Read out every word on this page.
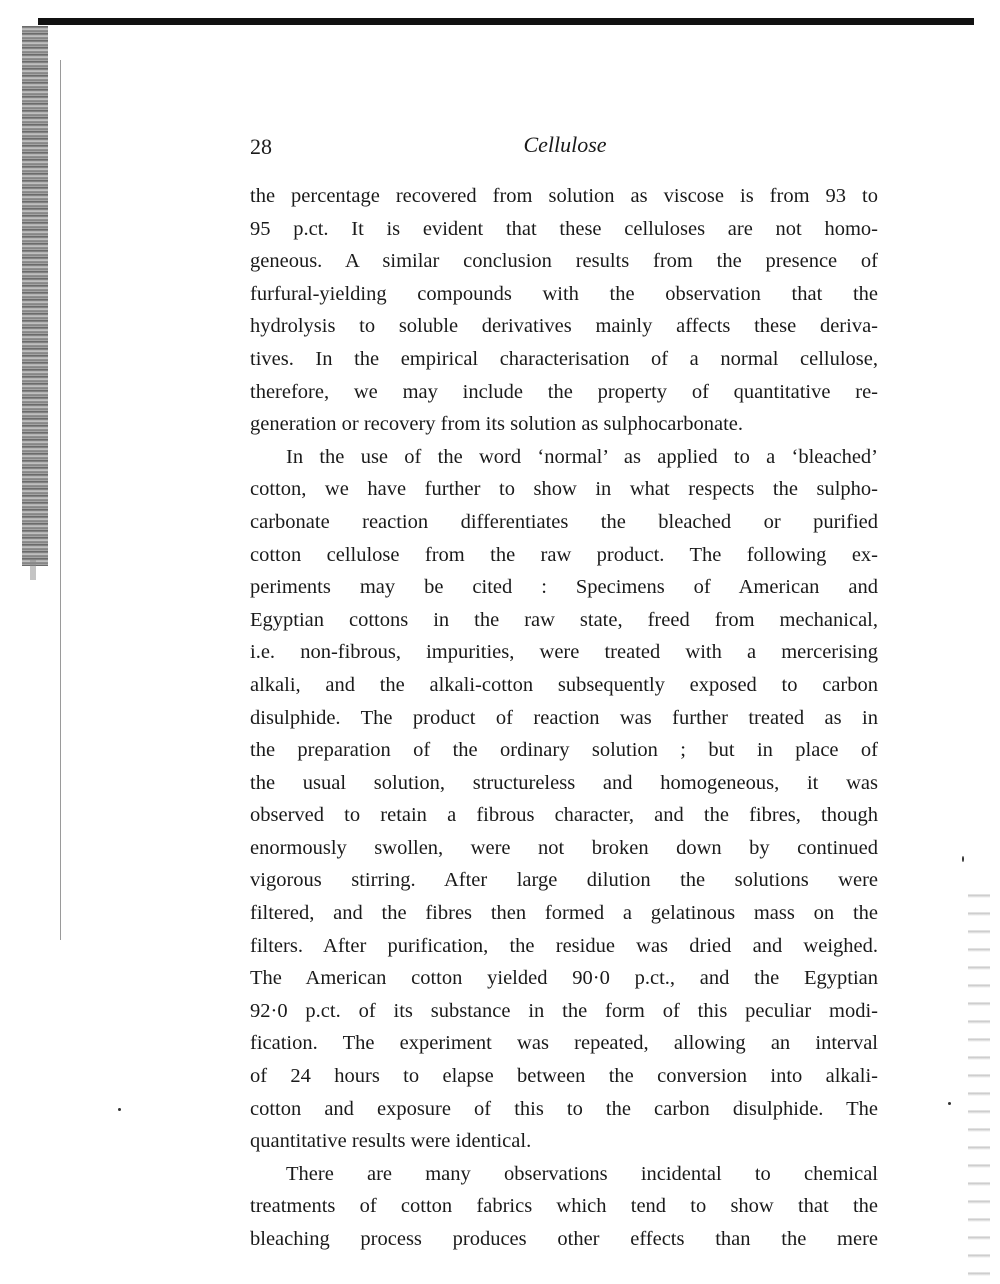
28	Cellulose
the percentage recovered from solution as viscose is from 93 to
95 p.ct. It is evident that these celluloses are not homo-
geneous. A similar conclusion results from the presence of
furfural-yielding compounds with the observation that the
hydrolysis to soluble derivatives mainly affects these deriva-
tives. In the empirical characterisation of a normal cellulose,
therefore, we may include the property of quantitative re-
generation or recovery from its solution as sulphocarbonate.
In the use of the word ‘normal’ as applied to a ‘bleached’
cotton, we have further to show in what respects the sulpho-
carbonate reaction differentiates the bleached or purified
cotton cellulose from the raw product. The following ex-
periments may be cited : Specimens of American and
Egyptian cottons in the raw state, freed from mechanical,
i.e. non-fibrous, impurities, were treated with a mercerising
alkali, and the alkali-cotton subsequently exposed to carbon
disulphide. The product of reaction was further treated as in
the preparation of the ordinary solution ; but in place of
the usual solution, structureless and homogeneous, it was
observed to retain a fibrous character, and the fibres, though
enormously swollen, were not broken down by continued
vigorous stirring. After large dilution the solutions were
filtered, and the fibres then formed a gelatinous mass on the
filters. After purification, the residue was dried and weighed.
The American cotton yielded 90·0 p.ct., and the Egyptian
92·0 p.ct. of its substance in the form of this peculiar modi-
fication. The experiment was repeated, allowing an interval
of 24 hours to elapse between the conversion into alkali-
cotton and exposure of this to the carbon disulphide. The
quantitative results were identical.
There are many observations incidental to chemical
treatments of cotton fabrics which tend to show that the
bleaching process produces other effects than the mere
